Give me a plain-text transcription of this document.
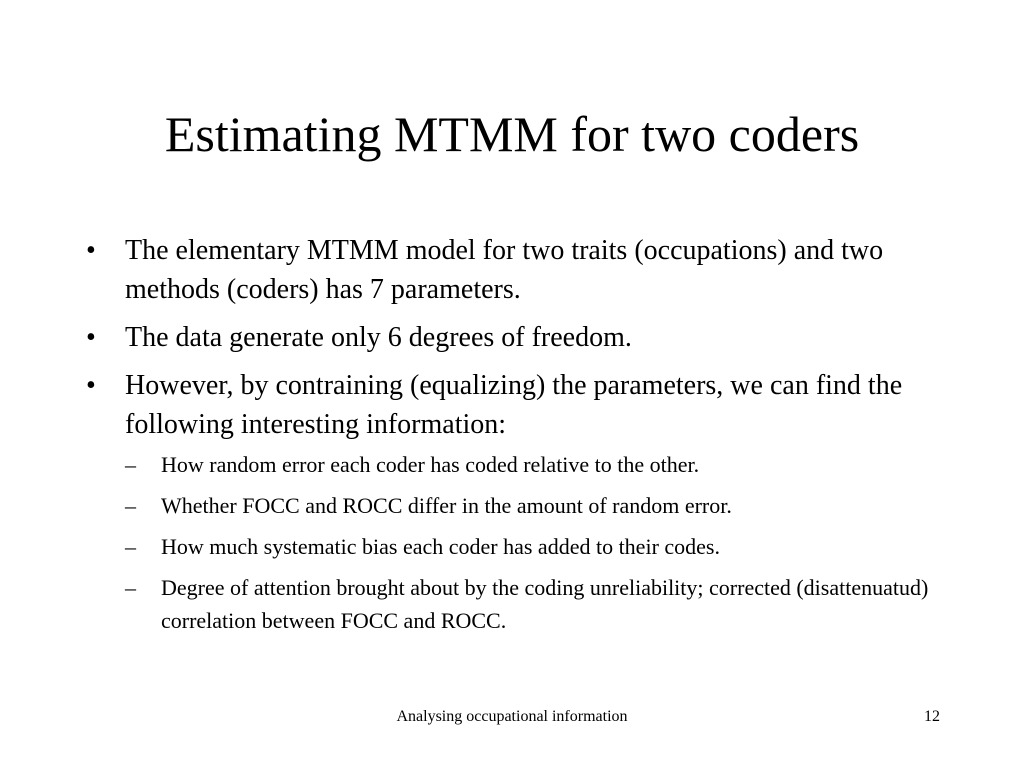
Estimating MTMM for two coders
• The elementary MTMM model for two traits (occupations) and two methods (coders) has 7 parameters.
• The data generate only 6 degrees of freedom.
• However, by contraining (equalizing) the parameters, we can find the following interesting information:
– How random error each coder has coded relative to the other.
– Whether FOCC and ROCC differ in the amount of random error.
– How much systematic bias each coder has added to their codes.
– Degree of attention brought about by the coding unreliability; corrected (disattenuatud) correlation between FOCC and ROCC.
Analysing occupational information	12
